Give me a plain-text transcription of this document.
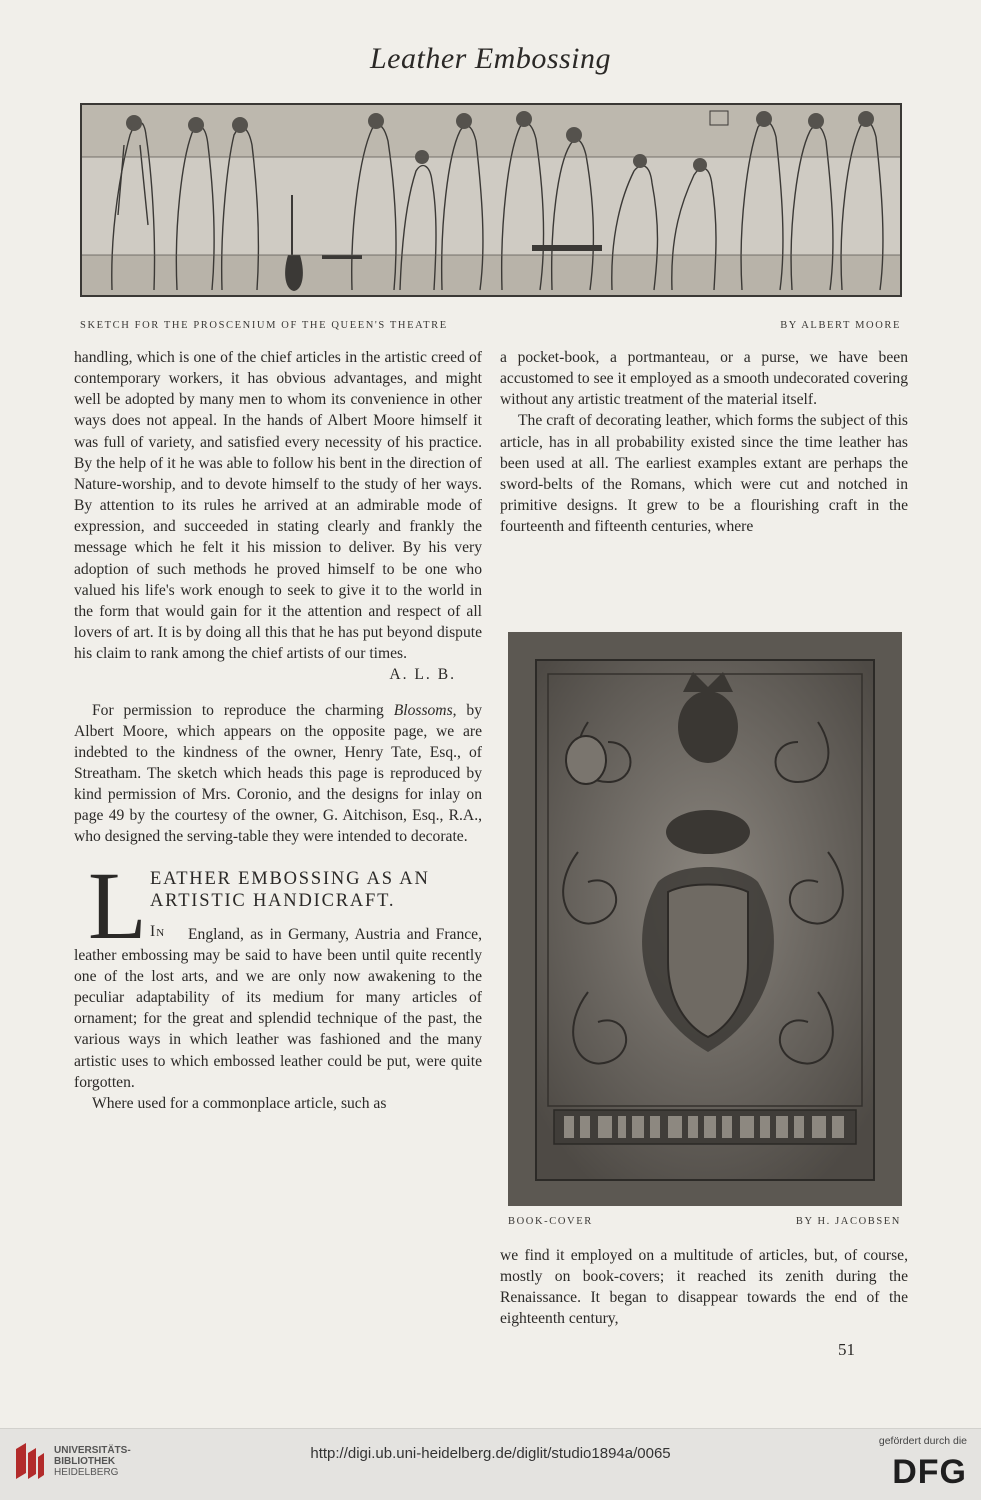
Leather Embossing
SKETCH FOR THE PROSCENIUM OF THE QUEEN'S THEATRE	BY ALBERT MOORE

handling, which is one of the chief articles in the artistic creed of contemporary workers, it has obvious advantages, and might well be adopted by many men to whom its convenience in other ways does not appeal. In the hands of Albert Moore himself it was full of variety, and satisfied every necessity of his practice. By the help of it he was able to follow his bent in the direction of Nature-worship, and to devote himself to the study of her ways. By attention to its rules he arrived at an admirable mode of expression, and succeeded in stating clearly and frankly the message which he felt it his mission to deliver. By his very adoption of such methods he proved himself to be one who valued his life's work enough to seek to give it to the world in the form that would gain for it the attention and respect of all lovers of art. It is by doing all this that he has put beyond dispute his claim to rank among the chief artists of our times.

A. L. B.

For permission to reproduce the charming Blossoms, by Albert Moore, which appears on the opposite page, we are indebted to the kindness of the owner, Henry Tate, Esq., of Streatham. The sketch which heads this page is reproduced by kind permission of Mrs. Coronio, and the designs for inlay on page 49 by the courtesy of the owner, G. Aitchison, Esq., R.A., who designed the serving-table they were intended to decorate.

L EATHER EMBOSSING AS AN
ARTISTIC HANDICRAFT.

In	England, as in Germany, Austria and France, leather embossing may be said to have been until quite recently one of the lost arts, and we are only now awakening to the peculiar adaptability of its medium for many articles of ornament; for the great and splendid technique of the past, the various ways in which leather was fashioned and the many artistic uses to which embossed leather could be put, were quite forgotten.

Where used for a commonplace article, such as

a pocket-book, a portmanteau, or a purse, we have been accustomed to see it employed as a smooth undecorated covering without any artistic treatment of the material itself.

The craft of decorating leather, which forms the subject of this article, has in all probability existed since the time leather has been used at all. The earliest examples extant are perhaps the sword-belts of the Romans, which were cut and notched in primitive designs. It grew to be a flourishing craft in the fourteenth and fifteenth centuries, where

BOOK-COVER	BY H. JACOBSEN

we find it employed on a multitude of articles, but, of course, mostly on book-covers; it reached its zenith during the Renaissance. It began to disappear towards the end of the eighteenth century,

51
UNIVERSITÄTS-
BIBLIOTHEK
HEIDELBERG
http://digi.ub.uni-heidelberg.de/diglit/studio1894a/0065
gefördert durch die
DFG
